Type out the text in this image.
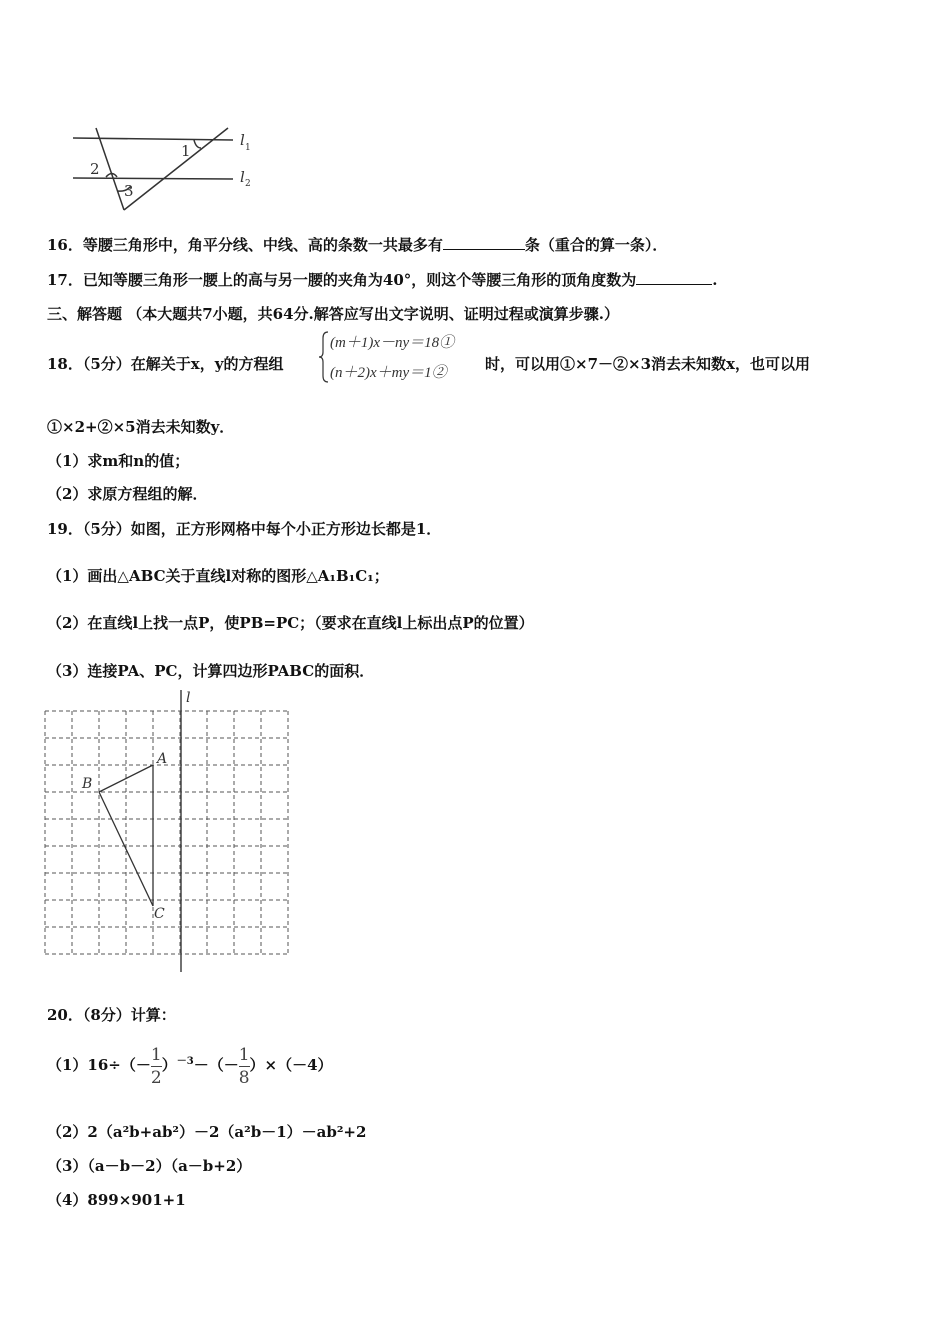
1
2
3
l 1
l 2
16．等腰三角形中，角平分线、中线、高的条数一共最多有	条（重合的算一条）．
17．已知等腰三角形一腰上的高与另一腰的夹角为40°，则这个等腰三角形的顶角度数为	.
三、解答题 （本大题共7小题，共64分.解答应写出文字说明、证明过程或演算步骤.）
18．（5分）在解关于x，y的方程组
(m＋1)x－ny＝18①
(n＋2)x＋my＝1②	时，可以用①×7－②×3消去未知数x，也可以用
①×2+②×5消去未知数y．
（1）求m和n的值；
（2）求原方程组的解．
19．（5分）如图，正方形网格中每个小正方形边长都是1．
（1）画出△ABC关于直线l对称的图形△A₁B₁C₁；
（2）在直线l上找一点P，使PB=PC；（要求在直线l上标出点P的位置）
（3）连接PA、PC，计算四边形PABC的面积．
l
A
B
C
20．（8分）计算：
$(1)16\div(- \frac{1}{2} )^{-3}-(- \frac{1}{8} )\times(-4)$
（2）2（a²b+ab²）－2（a²b－1）－ab²+2
（3）（a－b－2）（a－b+2）
（4）899×901+1
